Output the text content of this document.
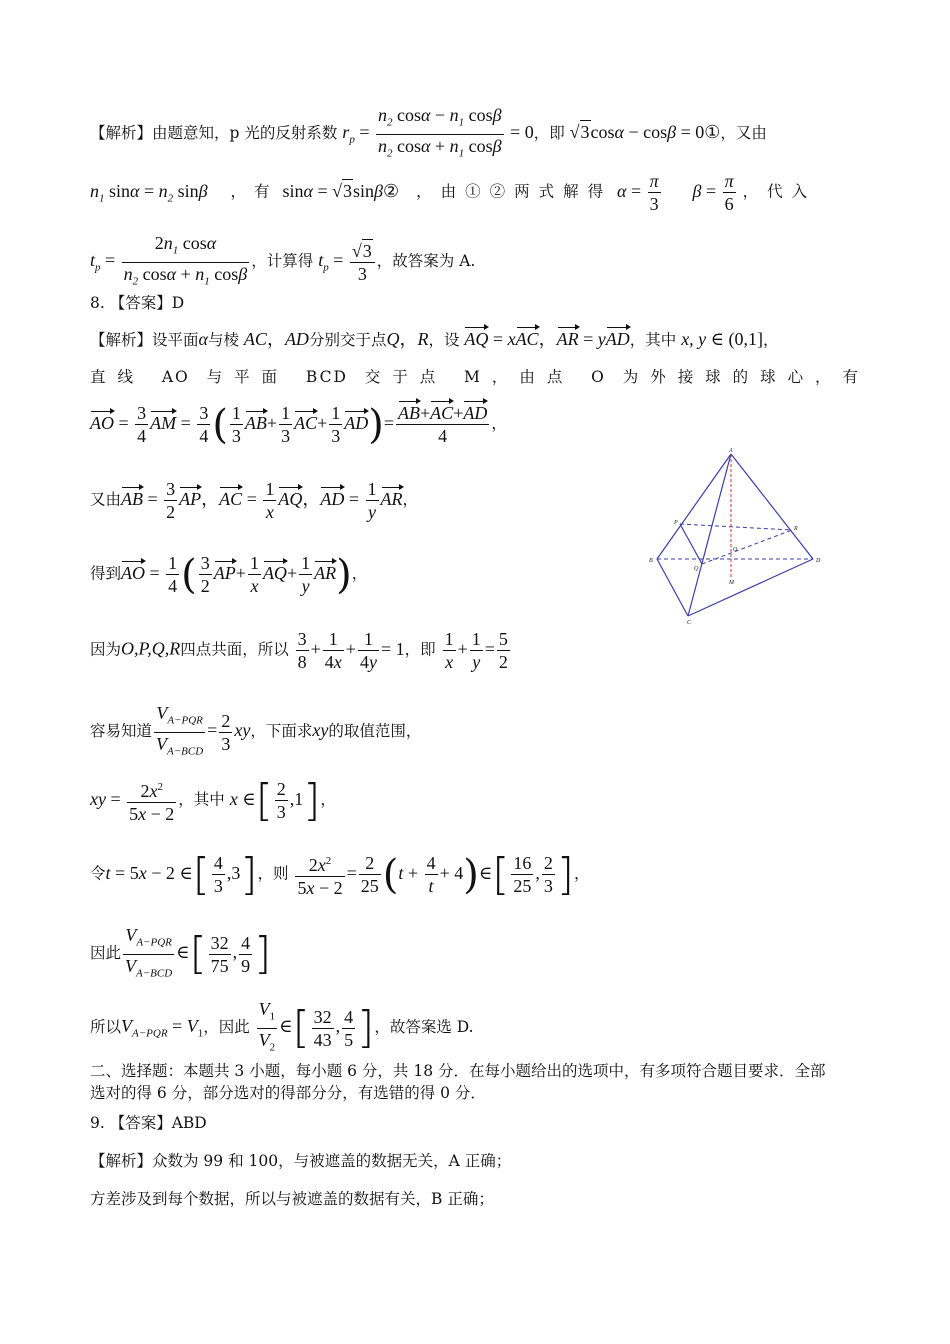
【解析】由题意知，p 光的反射系数 $r_p = \frac{n_2 \cos\alpha - n_1 \cos\beta}{n_2 \cos\alpha + n_1 \cos\beta} = 0$，即 √3cosα − cosβ = 0①，又由
$n_1$ $\sin\alpha = n_2$ sinβ ，有 sinα = √3sinβ② ，由①②两式解得 $\alpha = \frac{\pi}{3}$ $\beta = \frac{\pi}{6}$ ，代入
$t_p = \frac{2n_1 \cos\alpha}{n_2 \cos\alpha + n_1 \cos\beta}$ ，计算得 $t_p = \frac{√3}{3}$ ，故答案为 A.
8. 【答案】D
【解析】设平面α与棱 AC，AD分别交于点Q，R，设 AQ = xAC，AR = yAD，其中 x, y ∈ (0,1]，
直线 AO 与平面 BCD 交于点 M，由点 O 为外接球的球心，有
AO = $\frac{3}{4}$ AM = $\frac{3}{4}$ ( $\frac{1}{3} AB+ \frac{1}{3} AC+ \frac{1}{3} AD)= \frac{AB+AC+AD}{4}$ ，
又由AB = $\frac{3}{2}$ AP，AC = $\frac{1}{x}$ AQ，AD = $\frac{1}{y}$ AR，
得到AO = $\frac{1}{4}$ ( $\frac{3}{2} AP+ \frac{1}{x} AQ+ \frac{1}{y} AR$)，
因为O,P,Q,R四点共面，所以 $\frac{3}{8} + \frac{1}{4x} + \frac{1}{4y} = 1$，即 $\frac{1}{x} + \frac{1}{y} = \frac{5}{2}$
容易知道 $\frac{V_{A-PQR}}{V_{A-BCD}} = \frac{2}{3}$ xy，下面求xy的取值范围，
xy = $\frac{2x^2}{5x - 2}$ ，其中 x ∈[ $\frac{2}{3} ,1$]，
令t = 5x − 2 ∈[ $\frac{4}{3} ,3$]，则 $\frac{2x^2}{5x - 2} = \frac{2}{25} (t + \frac{4}{t}$ + 4)∈[ $\frac{16}{25}$ , $\frac{2}{3}$ ]，
因此 $\frac{V_{A-PQR}}{V_{A-BCD}}$ ∈[ $\frac{32}{75}$ , $\frac{4}{9}$ ]
所以$V_{A-PQR} = V_1$，因此 $\frac{V_1}{V_2}$ ∈[ $\frac{32}{43}$ , $\frac{4}{5}$ ]，故答案选 D.
二、选择题：本题共 3 小题，每小题 6 分，共 18 分．在每小题给出的选项中，有多项符合题目要求．全部
选对的得 6 分，部分选对的得部分分，有选错的得 0 分．
9. 【答案】ABD
【解析】众数为 99 和 100，与被遮盖的数据无关，A 正确；
方差涉及到每个数据，所以与被遮盖的数据有关，B 正确；
A
B
C
D
P
Q
R
O
M
